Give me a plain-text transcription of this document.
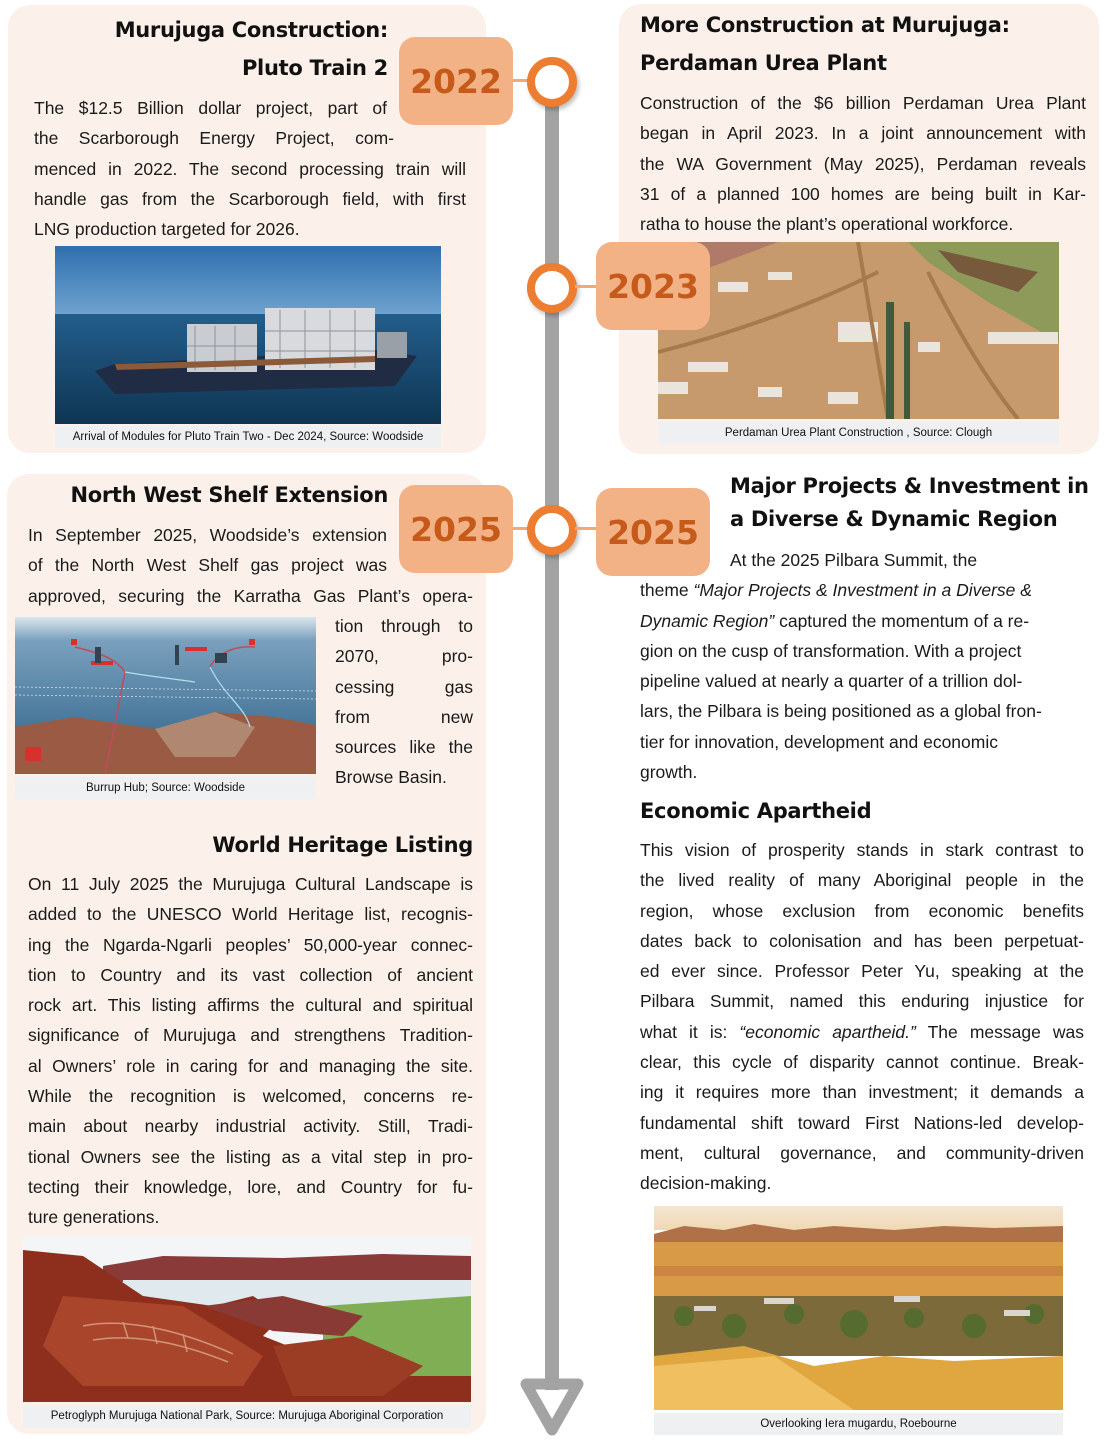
Murujuga Construction:
Pluto Train 2
The $12.5 Billion dollar project, part of
the Scarborough Energy Project, com-
menced in 2022. The second processing train will
handle gas from the Scarborough field, with first
LNG production targeted for 2026.
Arrival of Modules for Pluto Train Two - Dec 2024, Source: Woodside
2022
More Construction at Murujuga:
Perdaman Urea Plant
Construction of the $6 billion Perdaman Urea Plant
began in April 2023. In a joint announcement with
the WA Government (May 2025), Perdaman reveals
31 of a planned 100 homes are being built in Kar-
ratha to house the plant’s operational workforce.
Perdaman Urea Plant Construction , Source: Clough
2023
North West Shelf Extension
In September 2025, Woodside’s extension
of the North West Shelf gas project was
approved, securing the Karratha Gas Plant’s opera-
tion through to
2070, pro-
cessing gas
from new
sources like the
Browse Basin.
Burrup Hub; Source: Woodside
World Heritage Listing
On 11 July 2025 the Murujuga Cultural Landscape is
added to the UNESCO World Heritage list, recognis-
ing the Ngarda-Ngarli peoples’ 50,000-year connec-
tion to Country and its vast collection of ancient
rock art. This listing affirms the cultural and spiritual
significance of Murujuga and strengthens Tradition-
al Owners’ role in caring for and managing the site.
While the recognition is welcomed, concerns re-
main about nearby industrial activity. Still, Tradi-
tional Owners see the listing as a vital step in pro-
tecting their knowledge, lore, and Country for fu-
ture generations.
Petroglyph Murujuga National Park, Source: Murujuga Aboriginal Corporation
2025	2025
Major Projects & Investment in
a Diverse & Dynamic Region
At the 2025 Pilbara Summit, the
theme “Major Projects & Investment in a Diverse &
Dynamic Region” captured the momentum of a re-
gion on the cusp of transformation. With a project
pipeline valued at nearly a quarter of a trillion dol-
lars, the Pilbara is being positioned as a global fron-
tier for innovation, development and economic
growth.
Economic Apartheid
This vision of prosperity stands in stark contrast to
the lived reality of many Aboriginal people in the
region, whose exclusion from economic benefits
dates back to colonisation and has been perpetuat-
ed ever since. Professor Peter Yu, speaking at the
Pilbara Summit, named this enduring injustice for
what it is: “economic apartheid.” The message was
clear, this cycle of disparity cannot continue. Break-
ing it requires more than investment; it demands a
fundamental shift toward First Nations-led develop-
ment, cultural governance, and community-driven
decision-making.
Overlooking Iera mugardu, Roebourne
